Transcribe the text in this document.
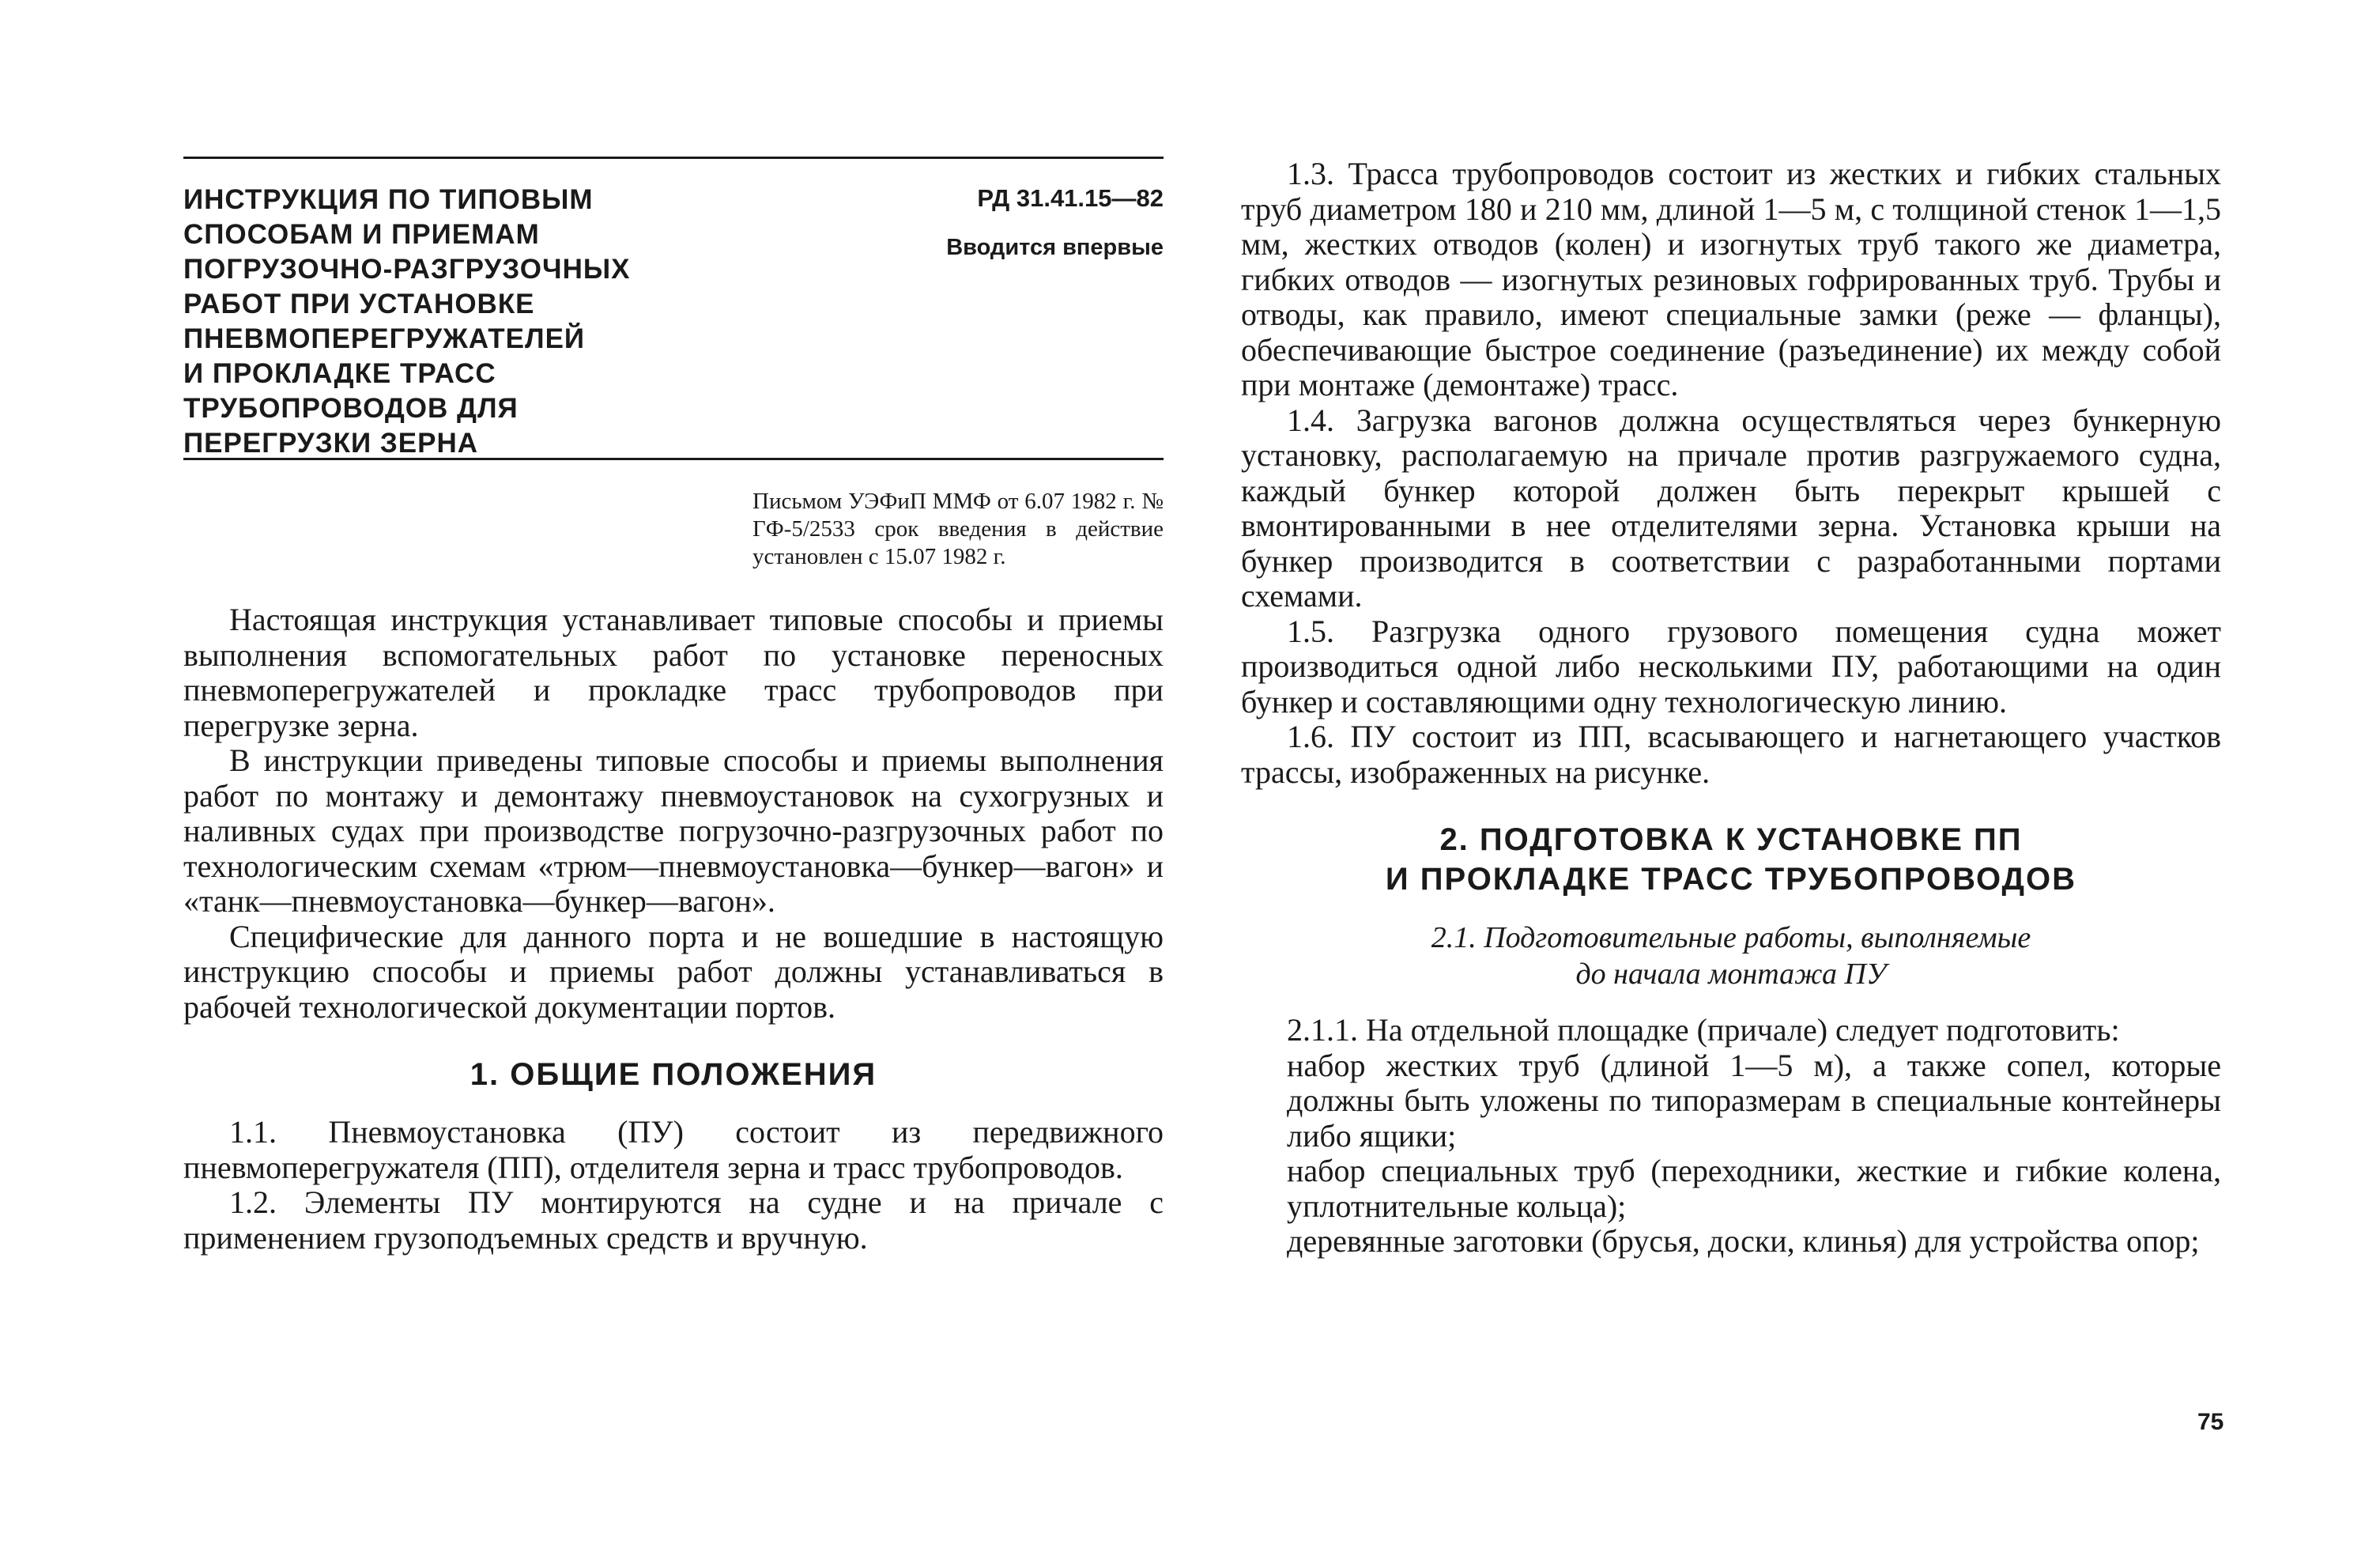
ИНСТРУКЦИЯ ПО ТИПОВЫМ
СПОСОБАМ И ПРИЕМАМ
ПОГРУЗОЧНО-РАЗГРУЗОЧНЫХ
РАБОТ ПРИ УСТАНОВКЕ
ПНЕВМОПЕРЕГРУЖАТЕЛЕЙ
И ПРОКЛАДКЕ ТРАСС
ТРУБОПРОВОДОВ ДЛЯ
ПЕРЕГРУЗКИ ЗЕРНА
РД 31.41.15—82
Вводится впервые
Письмом УЭФиП ММФ от 6.07 1982 г. № ГФ-5/2533 срок введения в действие установлен с 15.07 1982 г.

Настоящая инструкция устанавливает типовые способы и приемы выполнения вспомогательных работ по установке переносных пневмоперегружателей и прокладке трасс трубопроводов при перегрузке зерна.

В инструкции приведены типовые способы и приемы выполнения работ по монтажу и демонтажу пневмоустановок на сухогрузных и наливных судах при производстве погрузочно-разгрузочных работ по технологическим схемам «трюм—пневмоустановка—бункер—вагон» и «танк—пневмоустановка—бункер—вагон».

Специфические для данного порта и не вошедшие в настоящую инструкцию способы и приемы работ должны устанавливаться в рабочей технологической документации портов.

1. ОБЩИЕ ПОЛОЖЕНИЯ

1.1. Пневмоустановка (ПУ) состоит из передвижного пневмоперегружателя (ПП), отделителя зерна и трасс трубопроводов.

1.2. Элементы ПУ монтируются на судне и на причале с применением грузоподъемных средств и вручную.

1.3. Трасса трубопроводов состоит из жестких и гибких стальных труб диаметром 180 и 210 мм, длиной 1—5 м, с толщиной стенок 1—1,5 мм, жестких отводов (колен) и изогнутых труб такого же диаметра, гибких отводов — изогнутых резиновых гофрированных труб. Трубы и отводы, как правило, имеют специальные замки (реже — фланцы), обеспечивающие быстрое соединение (разъединение) их между собой при монтаже (демонтаже) трасс.

1.4. Загрузка вагонов должна осуществляться через бункерную установку, располагаемую на причале против разгружаемого судна, каждый бункер которой должен быть перекрыт крышей с вмонтированными в нее отделителями зерна. Установка крыши на бункер производится в соответствии с разработанными портами схемами.

1.5. Разгрузка одного грузового помещения судна может производиться одной либо несколькими ПУ, работающими на один бункер и составляющими одну технологическую линию.

1.6. ПУ состоит из ПП, всасывающего и нагнетающего участков трассы, изображенных на рисунке.

2. ПОДГОТОВКА К УСТАНОВКЕ ПП
И ПРОКЛАДКЕ ТРАСС ТРУБОПРОВОДОВ
2.1. Подготовительные работы, выполняемые
до начала монтажа ПУ

2.1.1. На отдельной площадке (причале) следует подготовить:

набор жестких труб (длиной 1—5 м), а также сопел, которые должны быть уложены по типоразмерам в специальные контейнеры либо ящики;

набор специальных труб (переходники, жесткие и гибкие колена, уплотнительные кольца);

деревянные заготовки (брусья, доски, клинья) для устройства опор;

75
